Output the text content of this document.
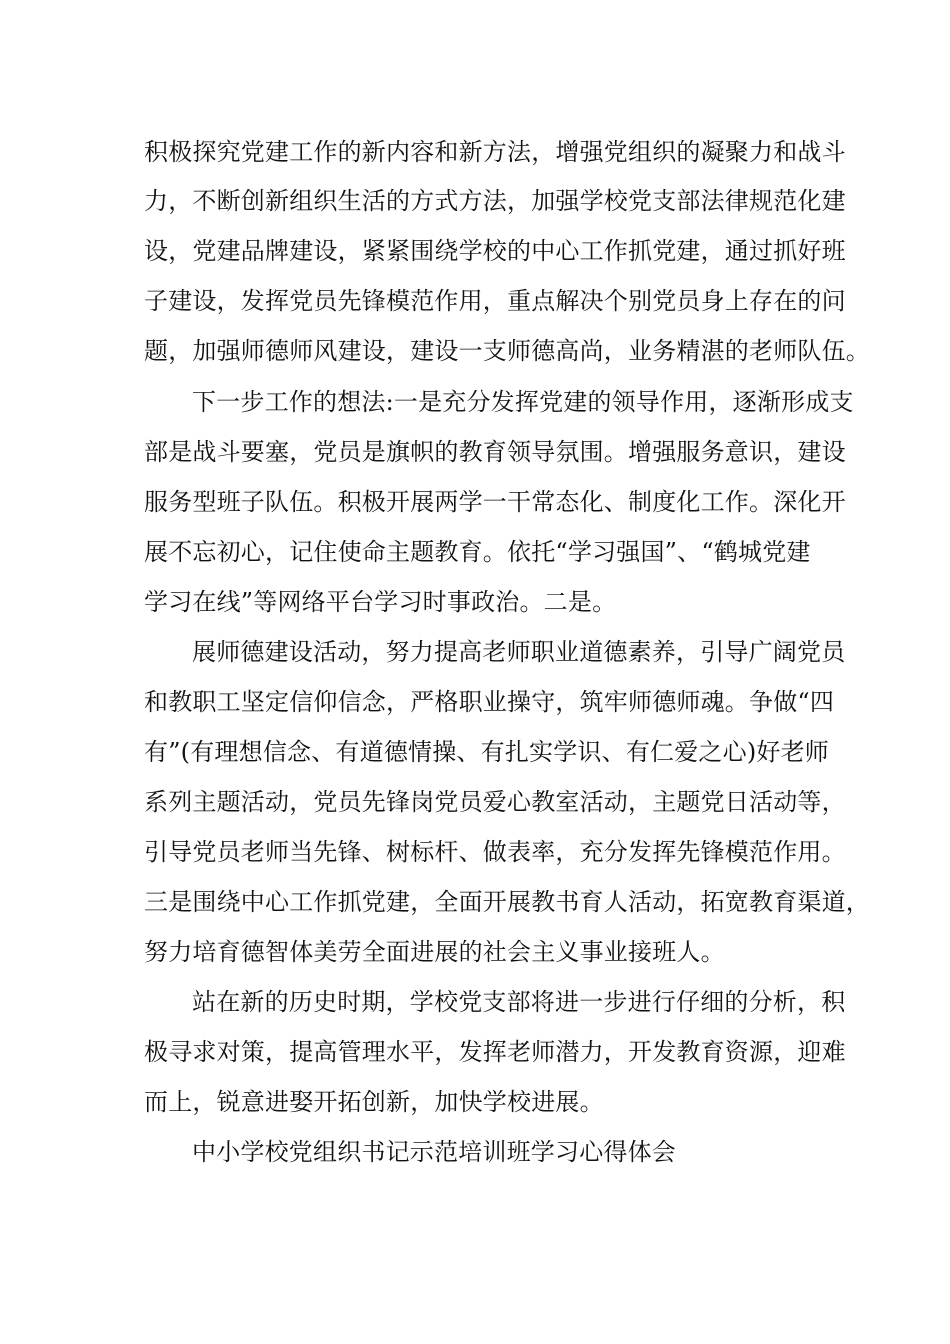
积极探究党建工作的新内容和新方法，增强党组织的凝聚力和战斗

力，不断创新组织生活的方式方法，加强学校党支部法律规范化建

设，党建品牌建设，紧紧围绕学校的中心工作抓党建，通过抓好班

子建设，发挥党员先锋模范作用，重点解决个别党员身上存在的问

题，加强师德师风建设，建设一支师德高尚，业务精湛的老师队伍。

下一步工作的想法:一是充分发挥党建的领导作用，逐渐形成支

部是战斗要塞，党员是旗帜的教育领导氛围。增强服务意识，建设

服务型班子队伍。积极开展两学一干常态化、制度化工作。深化开

展不忘初心，记住使命主题教育。依托“学习强国”、“鹤城党建

学习在线”等网络平台学习时事政治。二是。

展师德建设活动，努力提高老师职业道德素养，引导广阔党员

和教职工坚定信仰信念，严格职业操守，筑牢师德师魂。争做“四

有”(有理想信念、有道德情操、有扎实学识、有仁爱之心)好老师

系列主题活动，党员先锋岗党员爱心教室活动，主题党日活动等，

引导党员老师当先锋、树标杆、做表率，充分发挥先锋模范作用。

三是围绕中心工作抓党建，全面开展教书育人活动，拓宽教育渠道，

努力培育德智体美劳全面进展的社会主义事业接班人。

站在新的历史时期，学校党支部将进一步进行仔细的分析，积

极寻求对策，提高管理水平，发挥老师潜力，开发教育资源，迎难

而上，锐意进娶开拓创新，加快学校进展。

中小学校党组织书记示范培训班学习心得体会
